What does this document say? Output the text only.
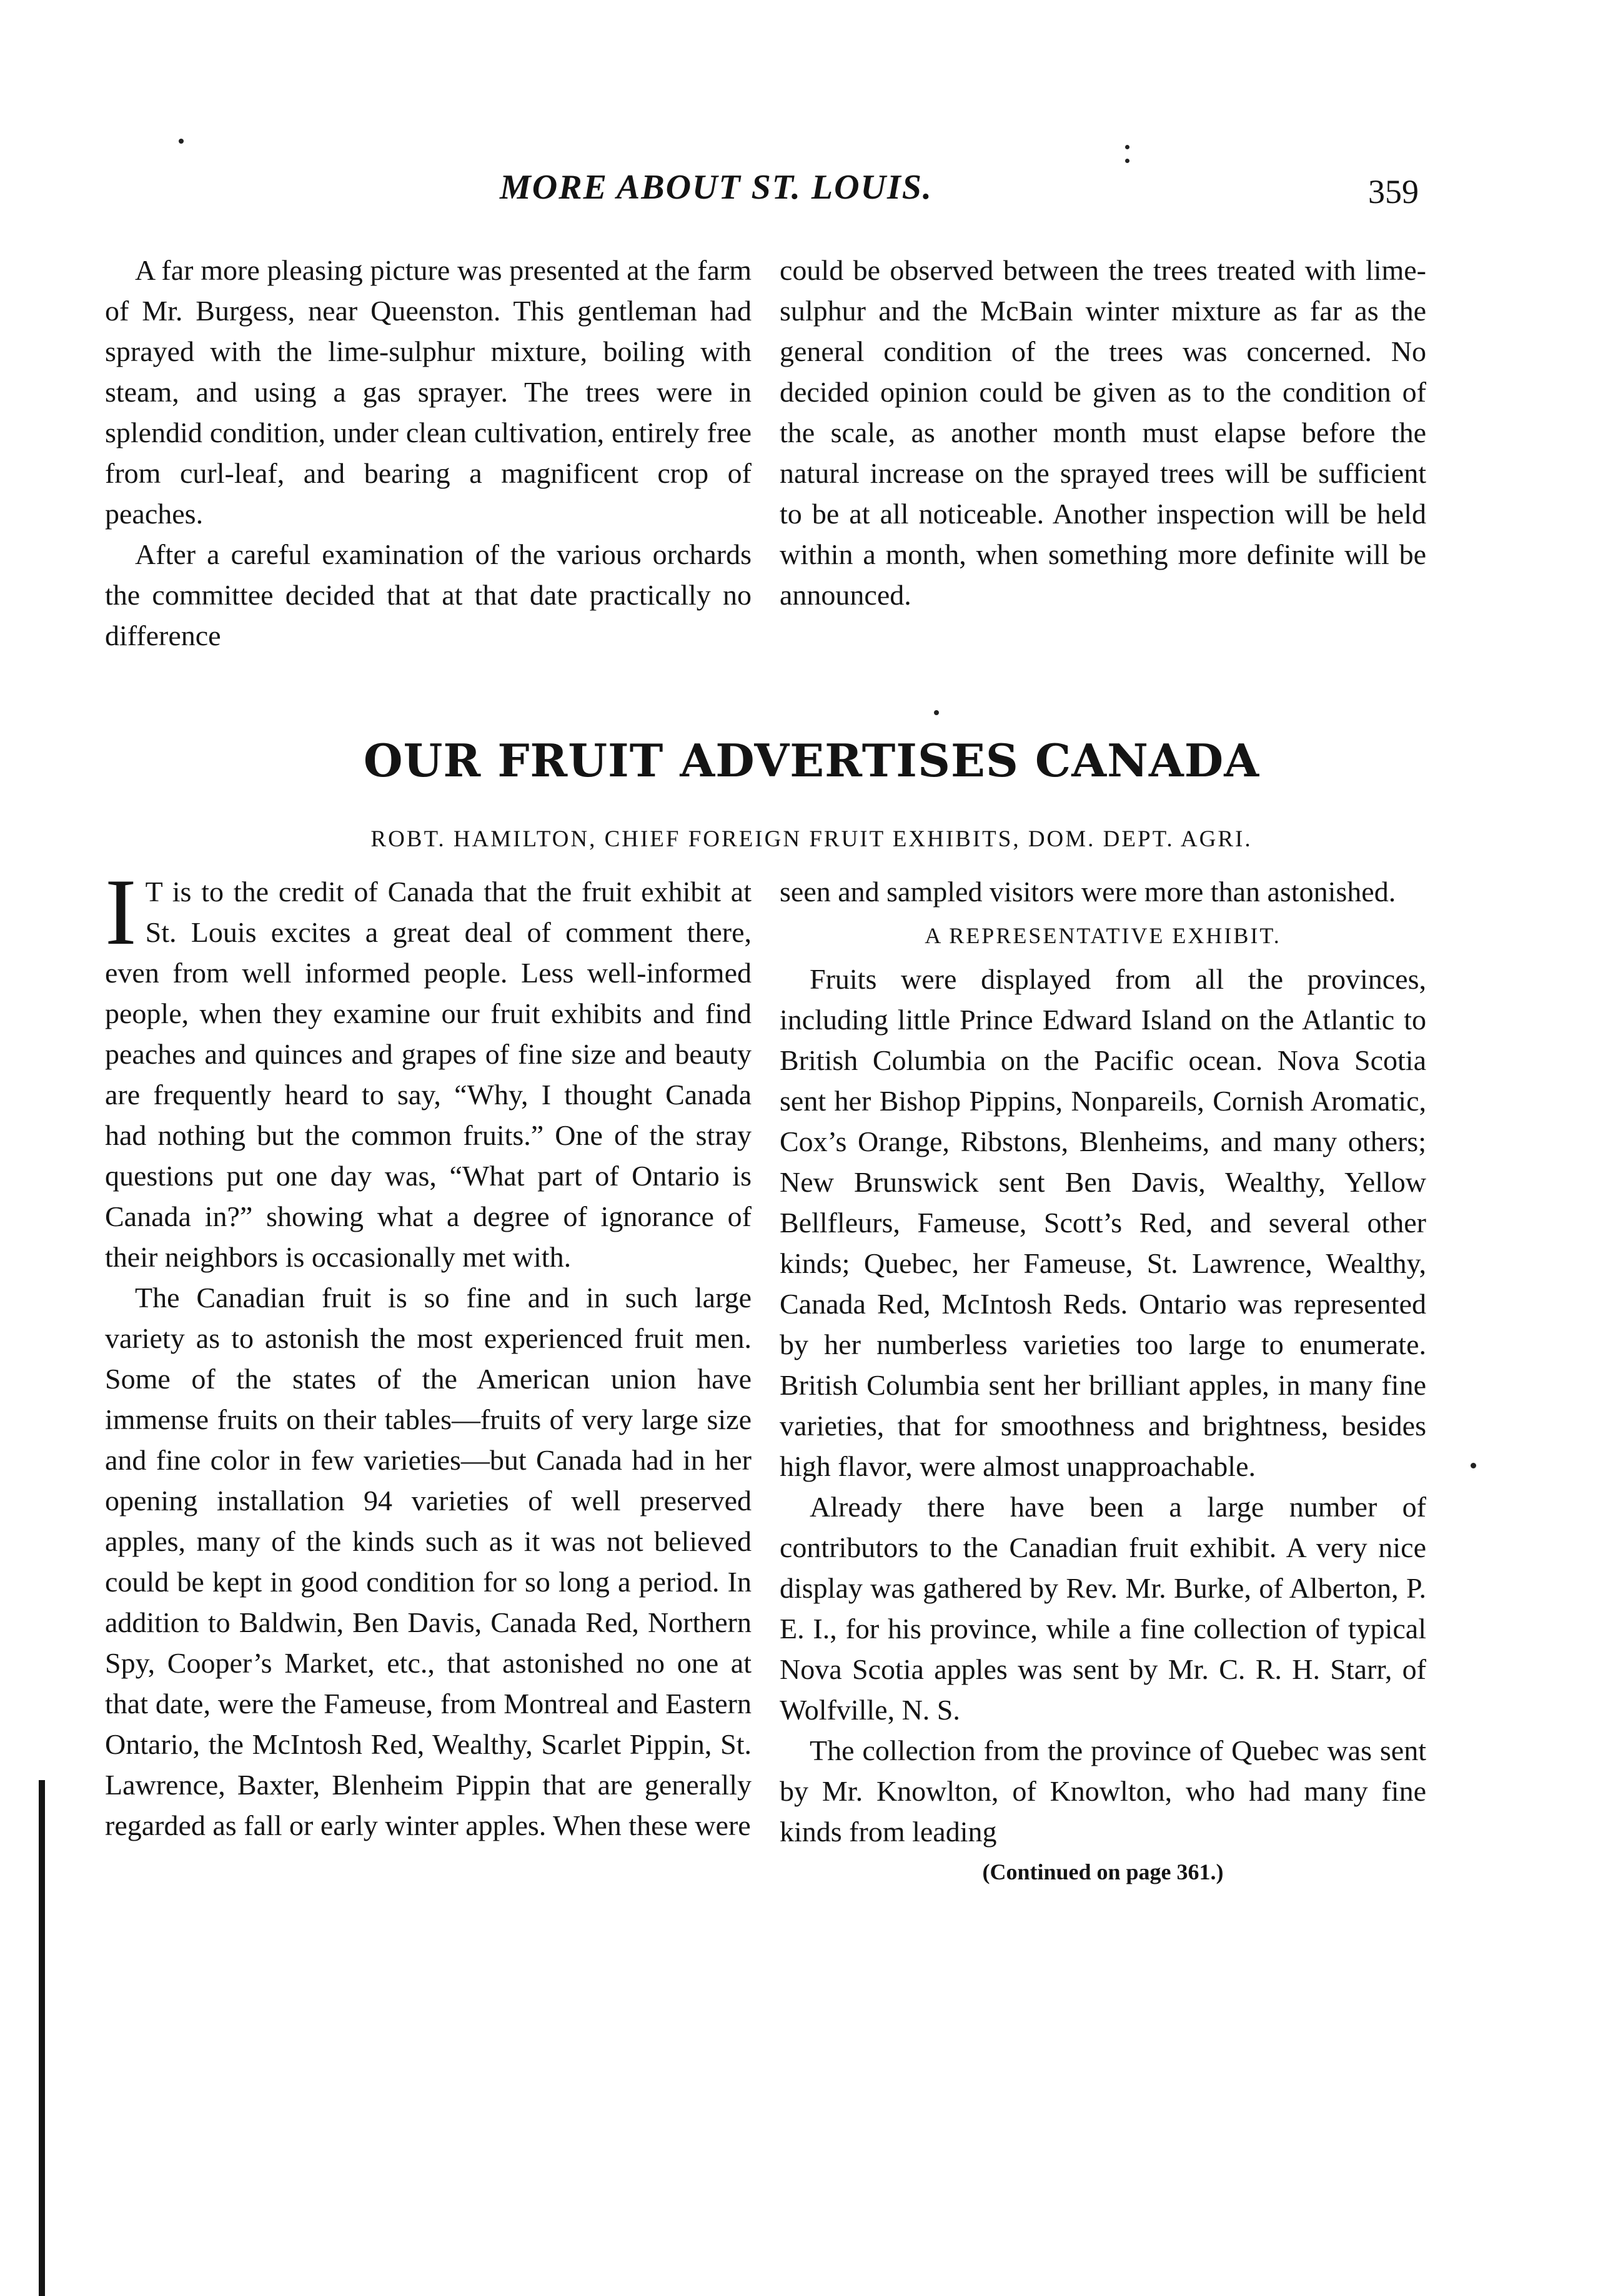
MORE ABOUT ST. LOUIS.	359

A far more pleasing picture was presented at the farm of Mr. Burgess, near Queenston. This gentleman had sprayed with the lime-sulphur mixture, boiling with steam, and using a gas sprayer. The trees were in splendid condition, under clean cultivation, entirely free from curl-leaf, and bearing a magnificent crop of peaches.

After a careful examination of the various orchards the committee decided that at that date practically no difference

could be observed between the trees treated with lime-sulphur and the McBain winter mixture as far as the general condition of the trees was concerned. No decided opinion could be given as to the condition of the scale, as another month must elapse before the natural increase on the sprayed trees will be sufficient to be at all noticeable. Another inspection will be held within a month, when something more definite will be announced.

OUR FRUIT ADVERTISES CANADA
ROBT. HAMILTON, CHIEF FOREIGN FRUIT EXHIBITS, DOM. DEPT. AGRI.

I T is to the credit of Canada that the fruit exhibit at St. Louis excites a great deal of comment there, even from well informed people. Less well-informed people, when they examine our fruit exhibits and find peaches and quinces and grapes of fine size and beauty are frequently heard to say, “Why, I thought Canada had nothing but the common fruits.” One of the stray questions put one day was, “What part of Ontario is Canada in?” showing what a degree of ignorance of their neighbors is occasionally met with.

The Canadian fruit is so fine and in such large variety as to astonish the most experienced fruit men. Some of the states of the American union have immense fruits on their tables—fruits of very large size and fine color in few varieties—but Canada had in her opening installation 94 varieties of well preserved apples, many of the kinds such as it was not believed could be kept in good condition for so long a period. In addition to Baldwin, Ben Davis, Canada Red, Northern Spy, Cooper’s Market, etc., that astonished no one at that date, were the Fameuse, from Montreal and Eastern Ontario, the McIntosh Red, Wealthy, Scarlet Pippin, St. Lawrence, Baxter, Blenheim Pippin that are generally regarded as fall or early winter apples. When these were

seen and sampled visitors were more than astonished.

A REPRESENTATIVE EXHIBIT.

Fruits were displayed from all the provinces, including little Prince Edward Island on the Atlantic to British Columbia on the Pacific ocean. Nova Scotia sent her Bishop Pippins, Nonpareils, Cornish Aromatic, Cox’s Orange, Ribstons, Blenheims, and many others; New Brunswick sent Ben Davis, Wealthy, Yellow Bellfleurs, Fameuse, Scott’s Red, and several other kinds; Quebec, her Fameuse, St. Lawrence, Wealthy, Canada Red, McIntosh Reds. Ontario was represented by her numberless varieties too large to enumerate. British Columbia sent her brilliant apples, in many fine varieties, that for smoothness and brightness, besides high flavor, were almost unapproachable.

Already there have been a large number of contributors to the Canadian fruit exhibit. A very nice display was gathered by Rev. Mr. Burke, of Alberton, P. E. I., for his province, while a fine collection of typical Nova Scotia apples was sent by Mr. C. R. H. Starr, of Wolfville, N. S.

The collection from the province of Quebec was sent by Mr. Knowlton, of Knowlton, who had many fine kinds from leading

(Continued on page 361.)
